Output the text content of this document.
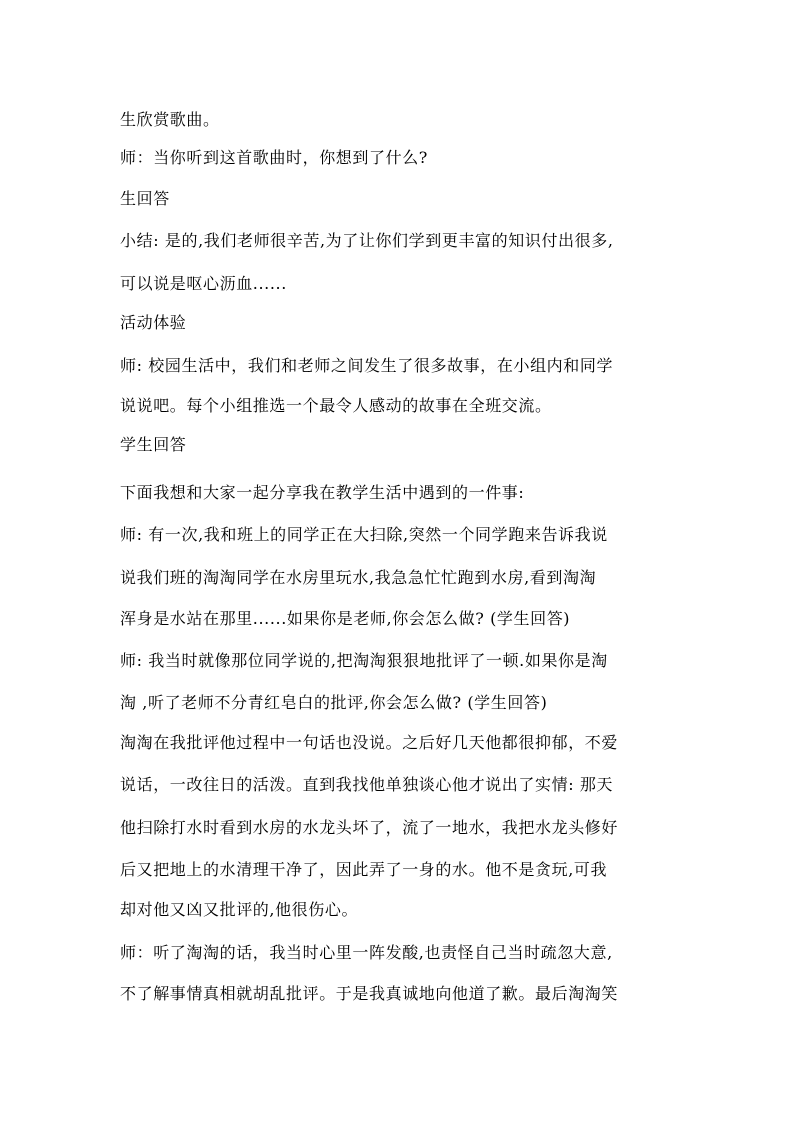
生欣赏歌曲。
师：当你听到这首歌曲时，你想到了什么?
生回答
小结: 是的,我们老师很辛苦,为了让你们学到更丰富的知识付出很多,
可以说是呕心沥血......
活动体验
师: 校园生活中，我们和老师之间发生了很多故事，在小组内和同学
说说吧。每个小组推选一个最令人感动的故事在全班交流。
学生回答
下面我想和大家一起分享我在教学生活中遇到的一件事:
师: 有一次,我和班上的同学正在大扫除,突然一个同学跑来告诉我说
说我们班的淘淘同学在水房里玩水,我急急忙忙跑到水房,看到淘淘
浑身是水站在那里......如果你是老师,你会怎么做? (学生回答)
师: 我当时就像那位同学说的,把淘淘狠狠地批评了一顿.如果你是淘
淘 ,听了老师不分青红皂白的批评,你会怎么做? (学生回答)
淘淘在我批评他过程中一句话也没说。之后好几天他都很抑郁，不爱
说话，一改往日的活泼。直到我找他单独谈心他才说出了实情: 那天
他扫除打水时看到水房的水龙头坏了，流了一地水，我把水龙头修好
后又把地上的水清理干净了，因此弄了一身的水。他不是贪玩,可我
却对他又凶又批评的,他很伤心。
师：听了淘淘的话，我当时心里一阵发酸,也责怪自己当时疏忽大意,
不了解事情真相就胡乱批评。于是我真诚地向他道了歉。最后淘淘笑
